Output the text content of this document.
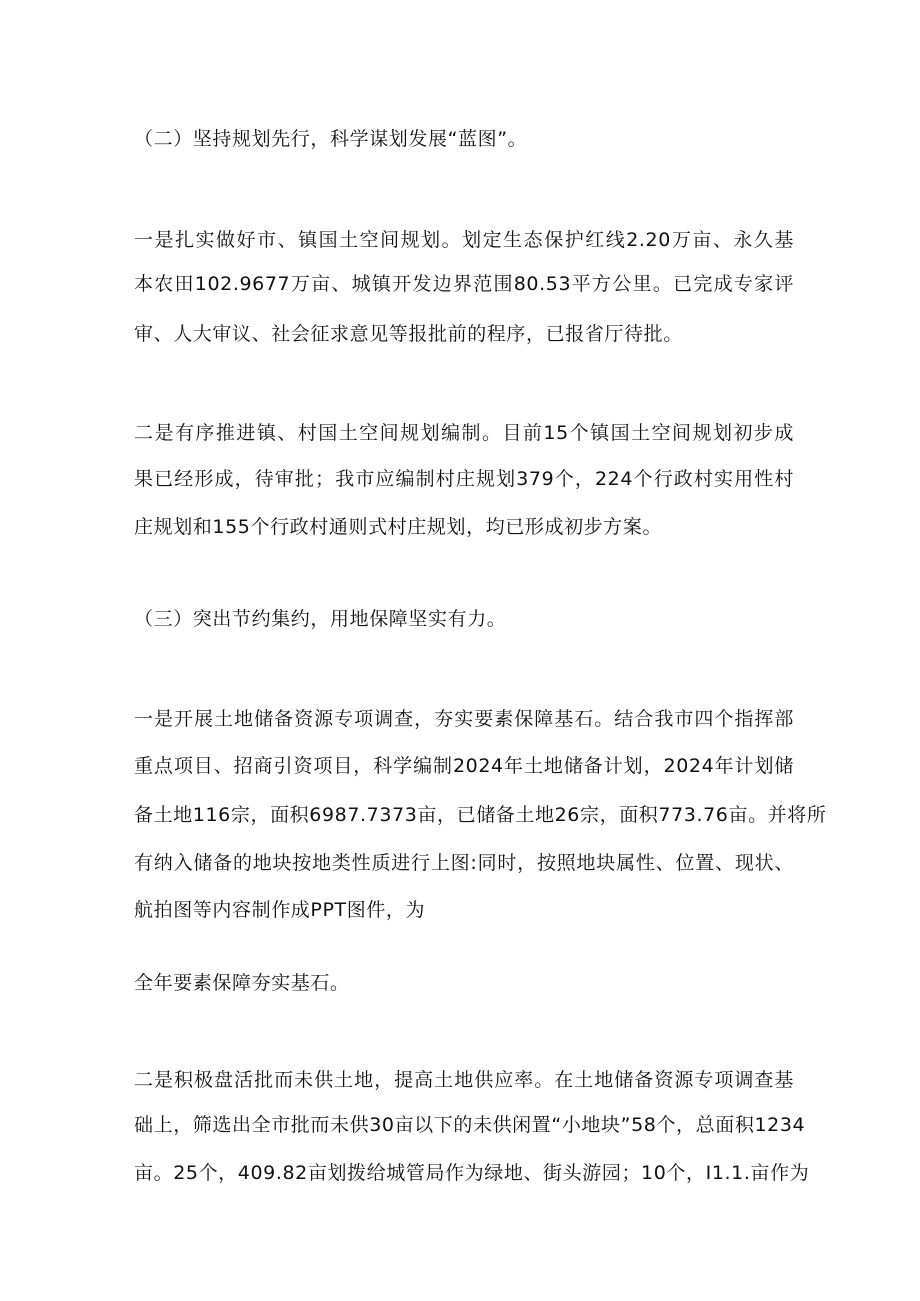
（二）坚持规划先行，科学谋划发展“蓝图”。
一是扎实做好市、镇国土空间规划。划定生态保护红线2.20万亩、永久基
本农田102.9677万亩、城镇开发边界范围80.53平方公里。已完成专家评
审、人大审议、社会征求意见等报批前的程序，已报省厅待批。
二是有序推进镇、村国土空间规划编制。目前15个镇国土空间规划初步成
果已经形成，待审批；我市应编制村庄规划379个，224个行政村实用性村
庄规划和155个行政村通则式村庄规划，均已形成初步方案。
（三）突出节约集约，用地保障坚实有力。
一是开展土地储备资源专项调查，夯实要素保障基石。结合我市四个指挥部
重点项目、招商引资项目，科学编制2024年土地储备计划，2024年计划储
备土地116宗，面积6987.7373亩，已储备土地26宗，面积773.76亩。并将所
有纳入储备的地块按地类性质进行上图:同时，按照地块属性、位置、现状、
航拍图等内容制作成PPT图件，为
全年要素保障夯实基石。
二是积极盘活批而未供土地，提高土地供应率。在土地储备资源专项调查基
础上，筛选出全市批而未供30亩以下的未供闲置“小地块”58个，总面积1234
亩。25个，409.82亩划拨给城管局作为绿地、街头游园；10个，I1.1.亩作为
